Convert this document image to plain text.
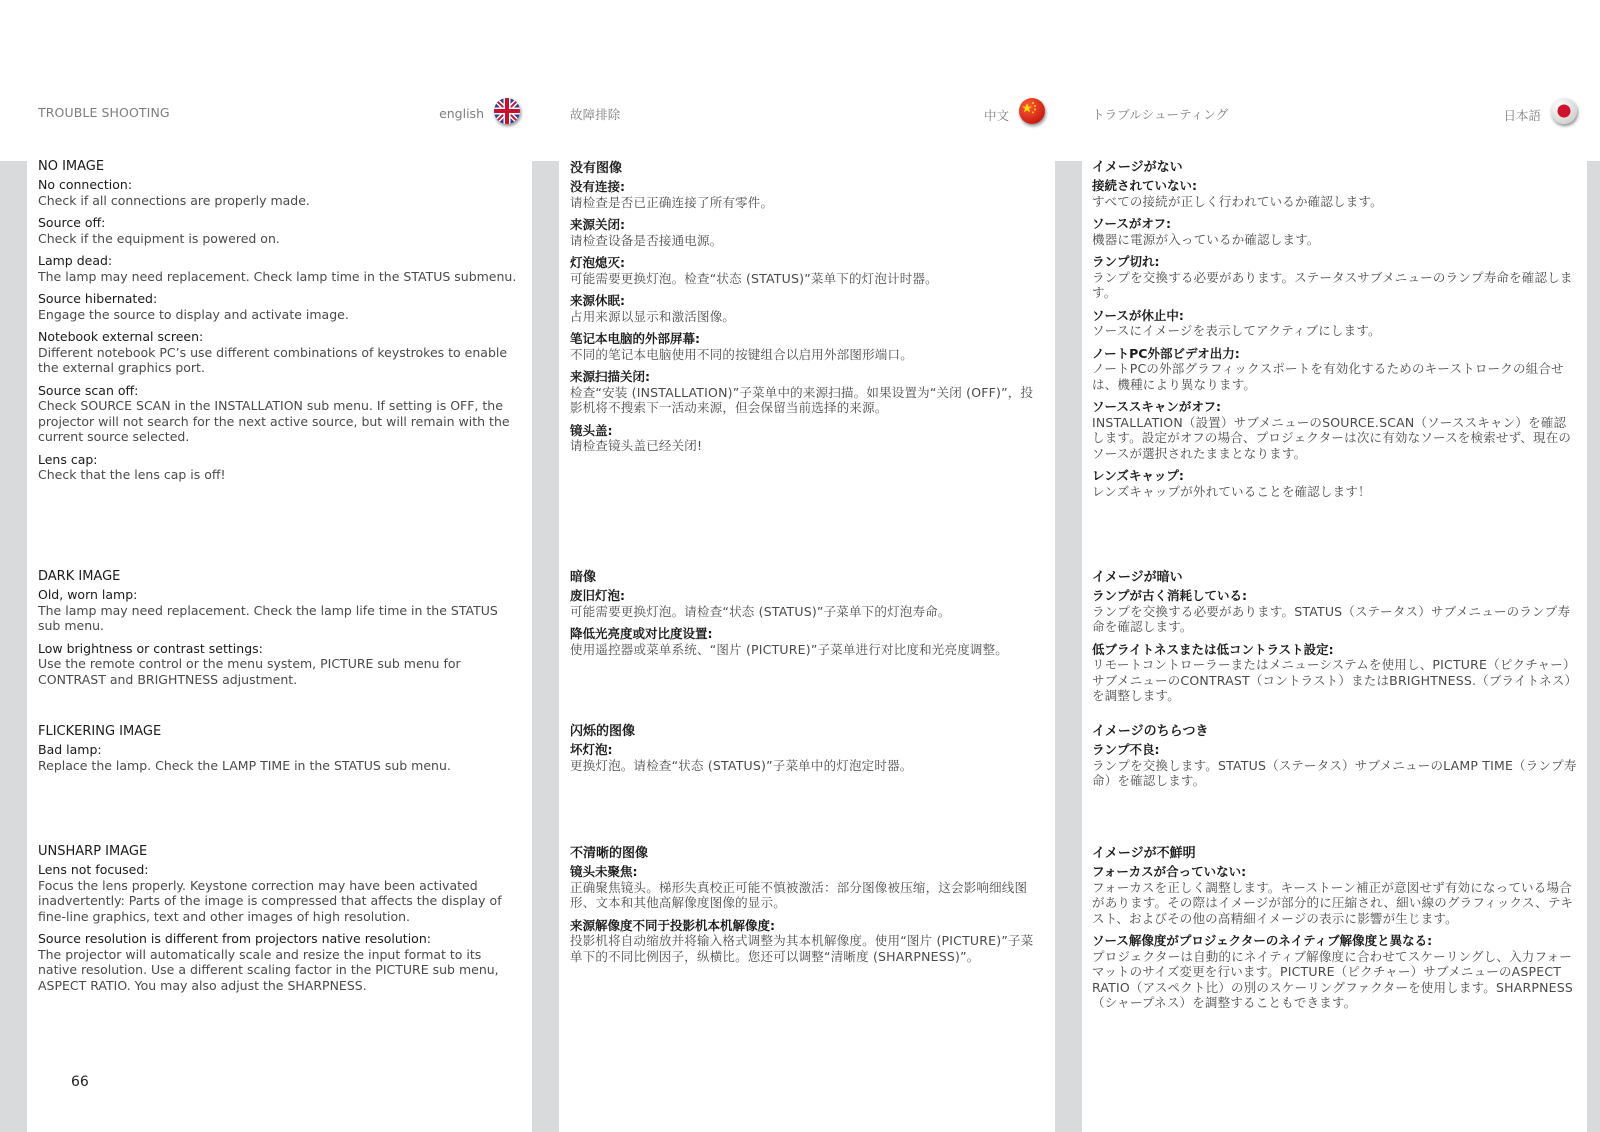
TROUBLE SHOOTING	english
NO IMAGE
No connection:
Check if all connections are properly made.
Source off:
Check if the equipment is powered on.
Lamp dead:
The lamp may need replacement. Check lamp time in the STATUS submenu.
Source hibernated:
Engage the source to display and activate image.
Notebook external screen:
Different notebook PC’s use different combinations of keystrokes to enable the external graphics port.
Source scan off:
Check SOURCE SCAN in the INSTALLATION sub menu. If setting is OFF, the projector will not search for the next active source, but will remain with the current source selected.
Lens cap:
Check that the lens cap is off!
DARK IMAGE
Old, worn lamp:
The lamp may need replacement. Check the lamp life time in the STATUS sub menu.
Low brightness or contrast settings:
Use the remote control or the menu system, PICTURE sub menu for CONTRAST and BRIGHTNESS adjustment.
FLICKERING IMAGE
Bad lamp:
Replace the lamp. Check the LAMP TIME in the STATUS sub menu.
UNSHARP IMAGE
Lens not focused:
Focus the lens properly. Keystone correction may have been activated inadvertently: Parts of the image is compressed that affects the display of fine-line graphics, text and other images of high resolution.
Source resolution is different from projectors native resolution:
The projector will automatically scale and resize the input format to its native resolution. Use a different scaling factor in the PICTURE sub menu, ASPECT RATIO. You may also adjust the SHARPNESS.
故障排除	中文
没有图像
没有连接:
请检查是否已正确连接了所有零件。
来源关闭:
请检查设备是否接通电源。
灯泡熄灭:
可能需要更换灯泡。检查“状态 (STATUS)”菜单下的灯泡计时器。
来源休眠:
占用来源以显示和激活图像。
笔记本电脑的外部屏幕:
不同的笔记本电脑使用不同的按键组合以启用外部图形端口。
来源扫描关闭:
检查“安装 (INSTALLATION)”子菜单中的来源扫描。如果设置为“关闭 (OFF)”，投影机将不搜索下一活动来源，但会保留当前选择的来源。
镜头盖:
请检查镜头盖已经关闭!
暗像
废旧灯泡:
可能需要更换灯泡。请检查“状态 (STATUS)”子菜单下的灯泡寿命。
降低光亮度或对比度设置:
使用遥控器或菜单系统、“图片 (PICTURE)”子菜单进行对比度和光亮度调整。
闪烁的图像
坏灯泡:
更换灯泡。请检查“状态 (STATUS)”子菜单中的灯泡定时器。
不清晰的图像
镜头未聚焦:
正确聚焦镜头。梯形失真校正可能不慎被激活：部分图像被压缩，这会影响细线图形、文本和其他高解像度图像的显示。
来源解像度不同于投影机本机解像度:
投影机将自动缩放并将输入格式调整为其本机解像度。使用“图片 (PICTURE)”子菜单下的不同比例因子，纵横比。您还可以调整“清晰度 (SHARPNESS)”。
トラブルシューティング	日本語
イメージがない
接続されていない:
すべての接続が正しく行われているか確認します。
ソースがオフ:
機器に電源が入っているか確認します。
ランプ切れ:
ランプを交換する必要があります。ステータスサブメニューのランプ寿命を確認します。
ソースが休止中:
ソースにイメージを表示してアクティブにします。
ノートPC外部ビデオ出力:
ノートPCの外部グラフィックスポートを有効化するためのキーストロークの組合せは、機種により異なります。
ソーススキャンがオフ:
INSTALLATION（設置）サブメニューのSOURCE.SCAN（ソーススキャン）を確認します。設定がオフの場合、プロジェクターは次に有効なソースを検索せず、現在のソースが選択されたままとなります。
レンズキャップ:
レンズキャップが外れていることを確認します！
イメージが暗い
ランプが古く消耗している:
ランプを交換する必要があります。STATUS（ステータス）サブメニューのランプ寿命を確認します。
低ブライトネスまたは低コントラスト設定:
リモートコントローラーまたはメニューシステムを使用し、PICTURE（ピクチャー）サブメニューのCONTRAST（コントラスト）またはBRIGHTNESS.（ブライトネス）を調整します。
イメージのちらつき
ランプ不良:
ランプを交換します。STATUS（ステータス）サブメニューのLAMP TIME（ランプ寿命）を確認します。
イメージが不鮮明
フォーカスが合っていない:
フォーカスを正しく調整します。キーストーン補正が意図せず有効になっている場合があります。その際はイメージが部分的に圧縮され、細い線のグラフィックス、テキスト、およびその他の高精細イメージの表示に影響が生じます。
ソース解像度がプロジェクターのネイティブ解像度と異なる:
プロジェクターは自動的にネイティブ解像度に合わせてスケーリングし、入力フォーマットのサイズ変更を行います。PICTURE（ピクチャー）サブメニューのASPECT RATIO（アスペクト比）の別のスケーリングファクターを使用します。SHARPNESS（シャープネス）を調整することもできます。
66
